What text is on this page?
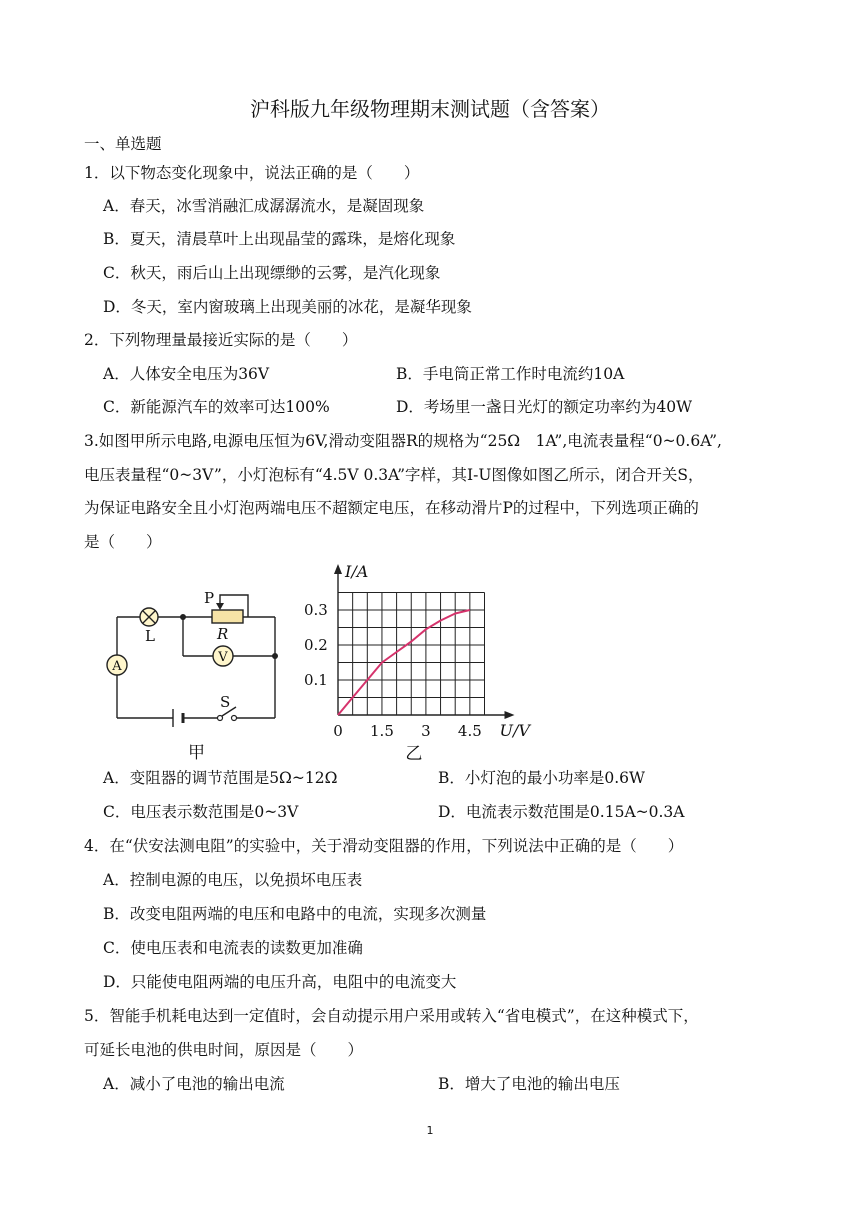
沪科版九年级物理期末测试题（含答案）
一、单选题
1．以下物态变化现象中，说法正确的是（　　）
A．春天，冰雪消融汇成潺潺流水，是凝固现象
B．夏天，清晨草叶上出现晶莹的露珠，是熔化现象
C．秋天，雨后山上出现缥缈的云雾，是汽化现象
D．冬天，室内窗玻璃上出现美丽的冰花，是凝华现象
2．下列物理量最接近实际的是（　　）
A．人体安全电压为36V	B．手电筒正常工作时电流约10A
C．新能源汽车的效率可达100%	D．考场里一盏日光灯的额定功率约为40W
3.如图甲所示电路,电源电压恒为6V,滑动变阻器R的规格为“25Ω　1A”,电流表量程“0~0.6A”,
电压表量程“0~3V”，小灯泡标有“4.5V 0.3A”字样，其I-U图像如图乙所示，闭合开关S，
为保证电路安全且小灯泡两端电压不超额定电压，在移动滑片P的过程中，下列选项正确的
是（　　）
L
P
R
V
A
S
甲
0.3
0.2
0.1
0 1.5 3 4.5
I/A
U/V
乙
A．变阻器的调节范围是5Ω~12Ω	B．小灯泡的最小功率是0.6W
C．电压表示数范围是0~3V	D．电流表示数范围是0.15A~0.3A
4．在“伏安法测电阻”的实验中，关于滑动变阻器的作用，下列说法中正确的是（　　）
A．控制电源的电压，以免损坏电压表
B．改变电阻两端的电压和电路中的电流，实现多次测量
C．使电压表和电流表的读数更加准确
D．只能使电阻两端的电压升高，电阻中的电流变大
5．智能手机耗电达到一定值时，会自动提示用户采用或转入“省电模式”，在这种模式下，
可延长电池的供电时间，原因是（　　）
A．减小了电池的输出电流	B．增大了电池的输出电压
1
